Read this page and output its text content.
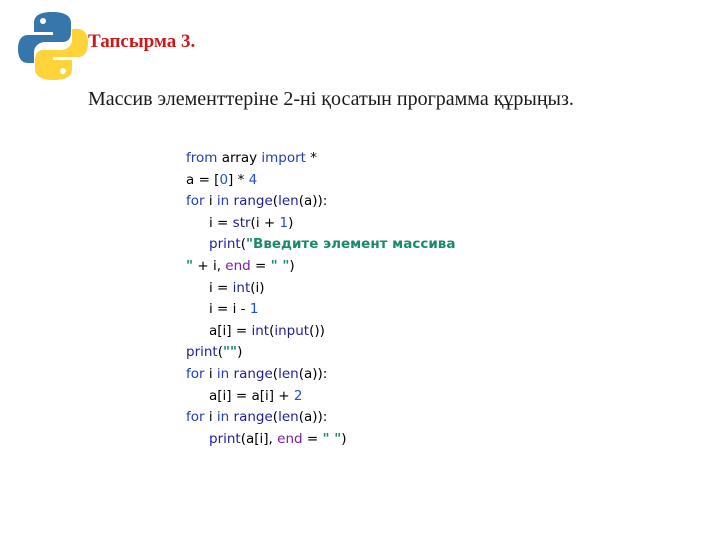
Тапсырма 3.
Массив элементтеріне 2-ні қосатын программа құрыңыз.
from array import *
a = [0] * 4
for i in range(len(a)):
i = str(i + 1)
print("Введите элемент массива
" + i, end = " ")
i = int(i)
i = i - 1
a[i] = int(input())
print("")
for i in range(len(a)):
a[i] = a[i] + 2
for i in range(len(a)):
print(a[i], end = " ")
